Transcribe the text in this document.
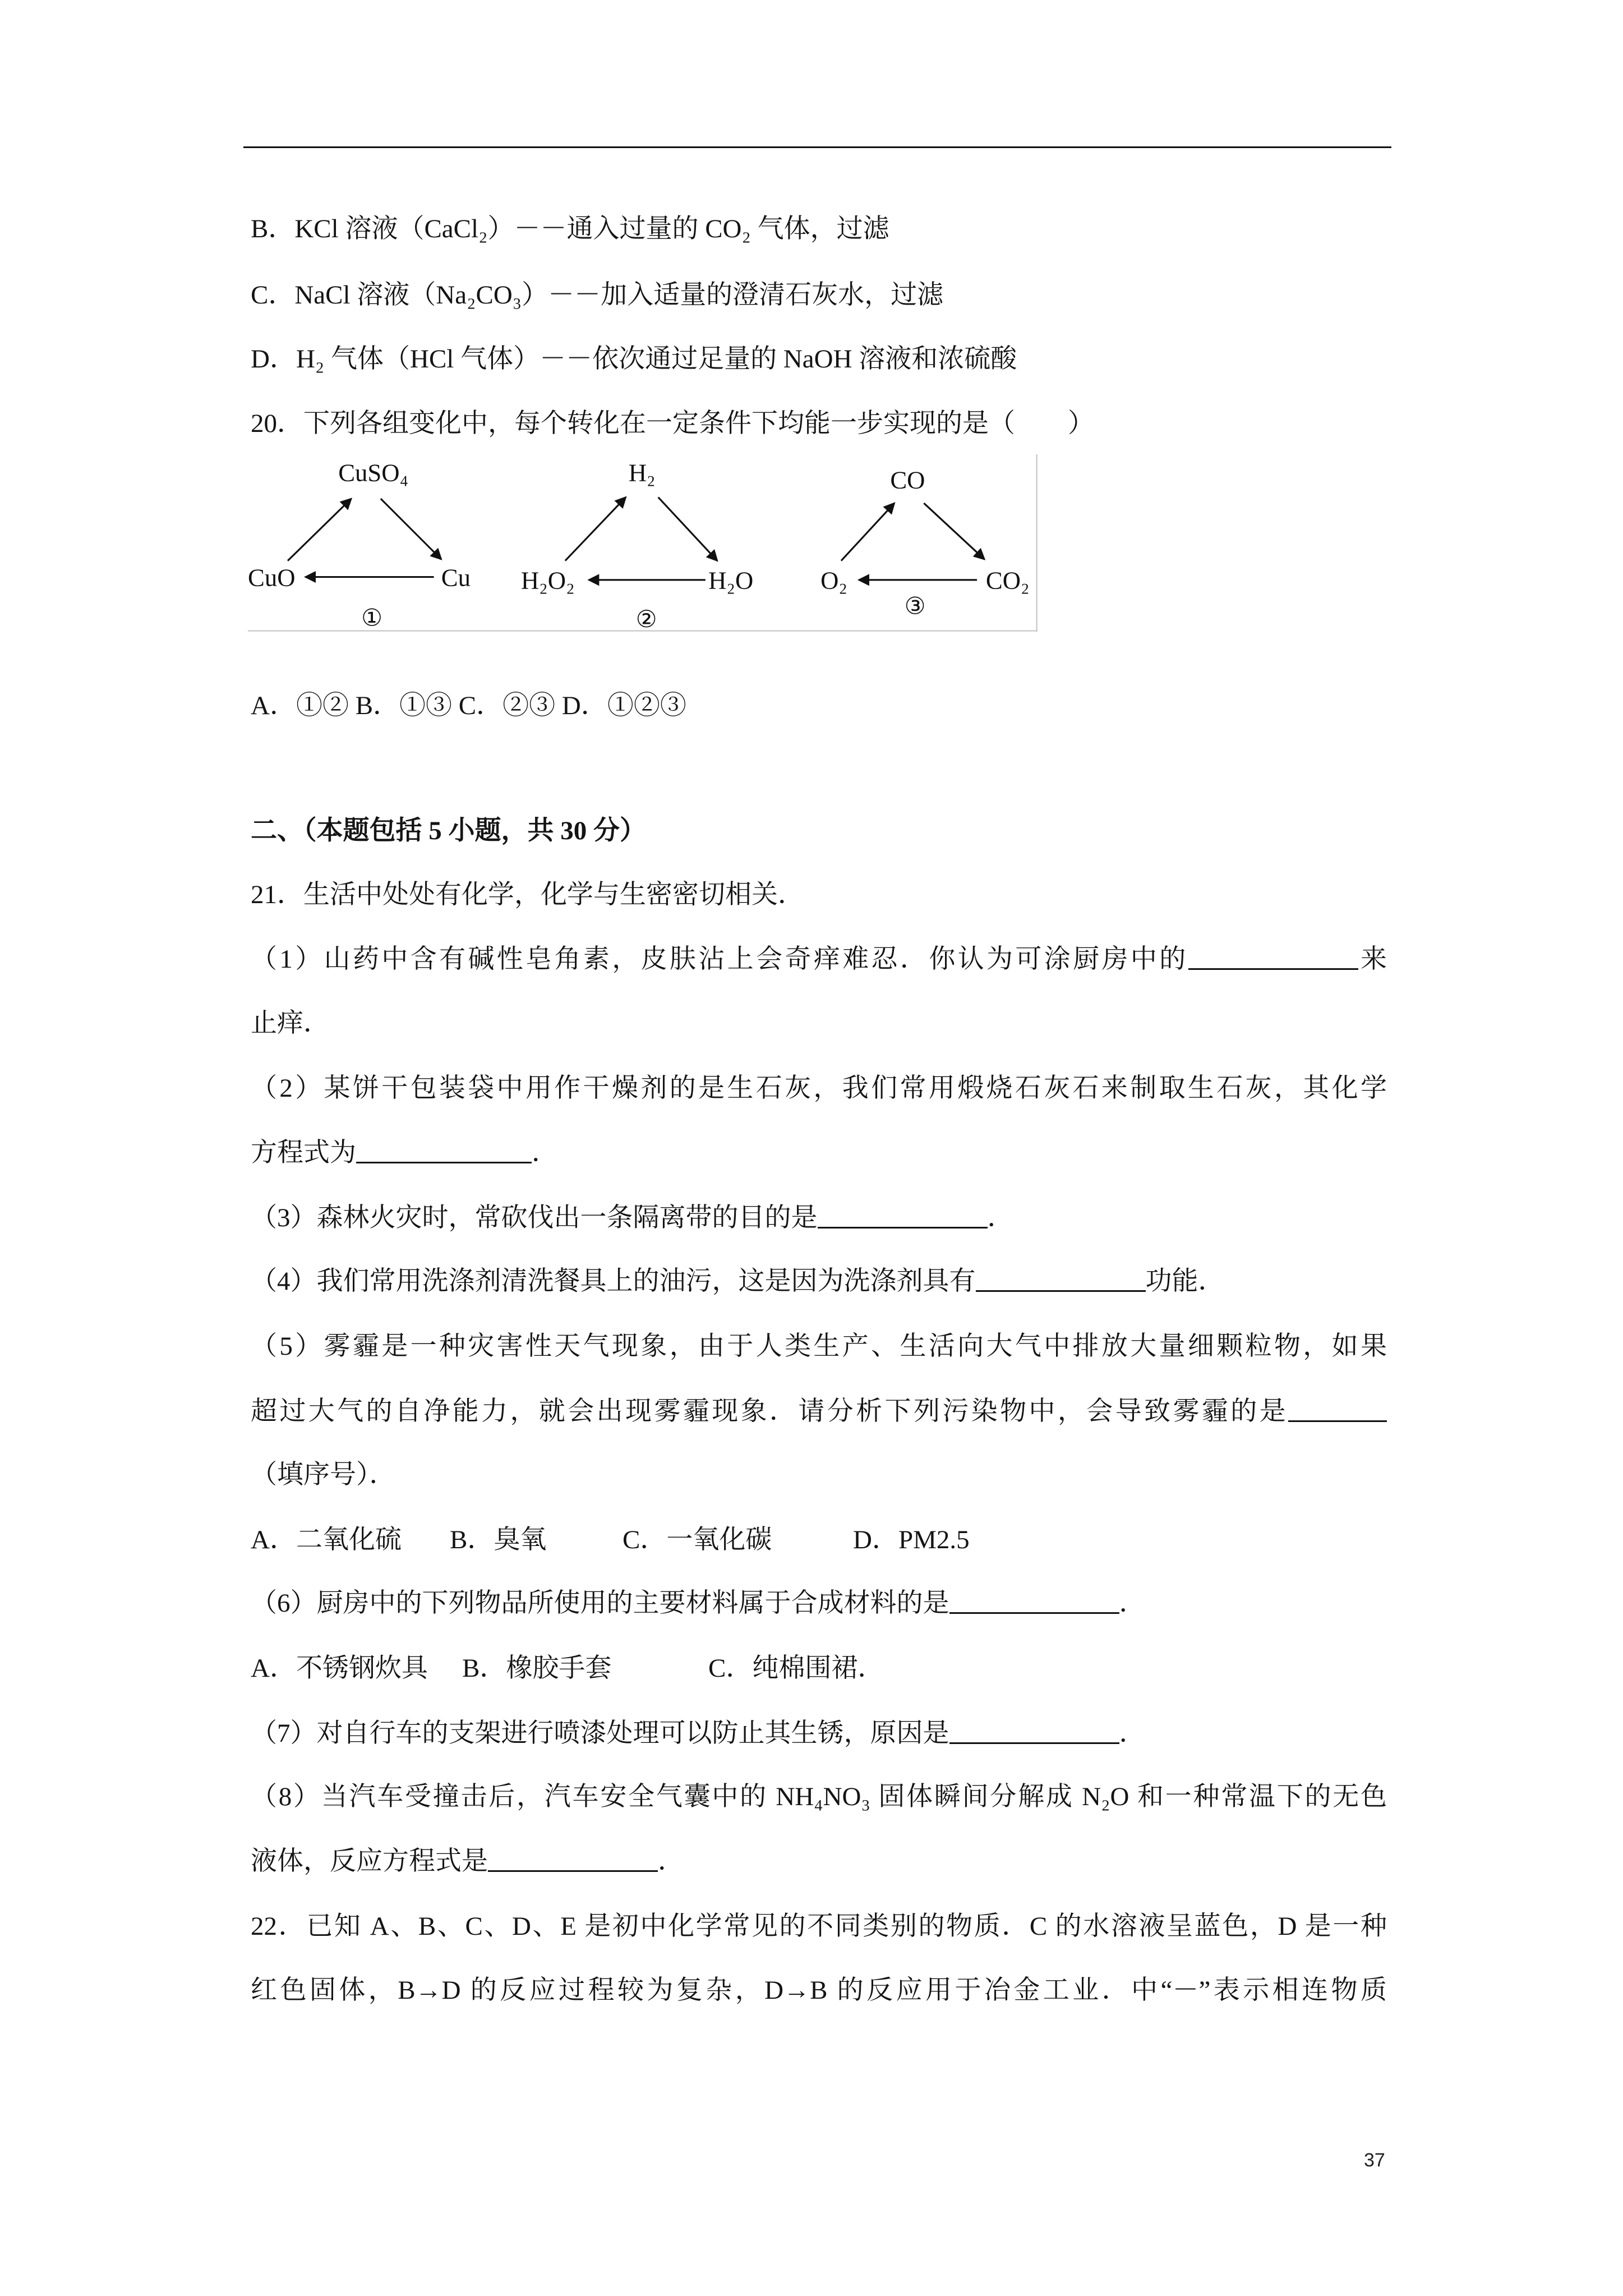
B．KCl 溶液（CaCl₂）－－通入过量的 CO₂ 气体，过滤
C．NaCl 溶液（Na₂CO₃）－－加入适量的澄清石灰水，过滤
D．H₂ 气体（HCl 气体）－－依次通过足量的 NaOH 溶液和浓硫酸
20．下列各组变化中，每个转化在一定条件下均能一步实现的是（　　）
CuSO₄
CuO	Cu
①
H₂
H₂O₂	H₂O
②
CO
O₂	CO₂
③
A．①② B．①③ C．②③ D．①②③
二、（本题包括 5 小题，共 30 分）
21．生活中处处有化学，化学与生密密切相关．
（1）山药中含有碱性皂角素，皮肤沾上会奇痒难忍．你认为可涂厨房中的	来
止痒．
（2）某饼干包装袋中用作干燥剂的是生石灰，我们常用煅烧石灰石来制取生石灰，其化学
方程式为	．
（3）森林火灾时，常砍伐出一条隔离带的目的是	．
（4）我们常用洗涤剂清洗餐具上的油污，这是因为洗涤剂具有	功能．
（5）雾霾是一种灾害性天气现象，由于人类生产、生活向大气中排放大量细颗粒物，如果
超过大气的自净能力，就会出现雾霾现象．请分析下列污染物中，会导致雾霾的是
（填序号）．
A．二氧化硫 B．臭氧	C．一氧化碳	D．PM2.5
（6）厨房中的下列物品所使用的主要材料属于合成材料的是	．
A．不锈钢炊具 B．橡胶手套	C．纯棉围裙．
（7）对自行车的支架进行喷漆处理可以防止其生锈，原因是	．
（8）当汽车受撞击后，汽车安全气囊中的 NH₄NO₃ 固体瞬间分解成 N₂O 和一种常温下的无色
液体，反应方程式是	．
22．已知 A、B、C、D、E 是初中化学常见的不同类别的物质．C 的水溶液呈蓝色，D 是一种
红色固体，B→D 的反应过程较为复杂，D→B 的反应用于冶金工业．中“－”表示相连物质
37
